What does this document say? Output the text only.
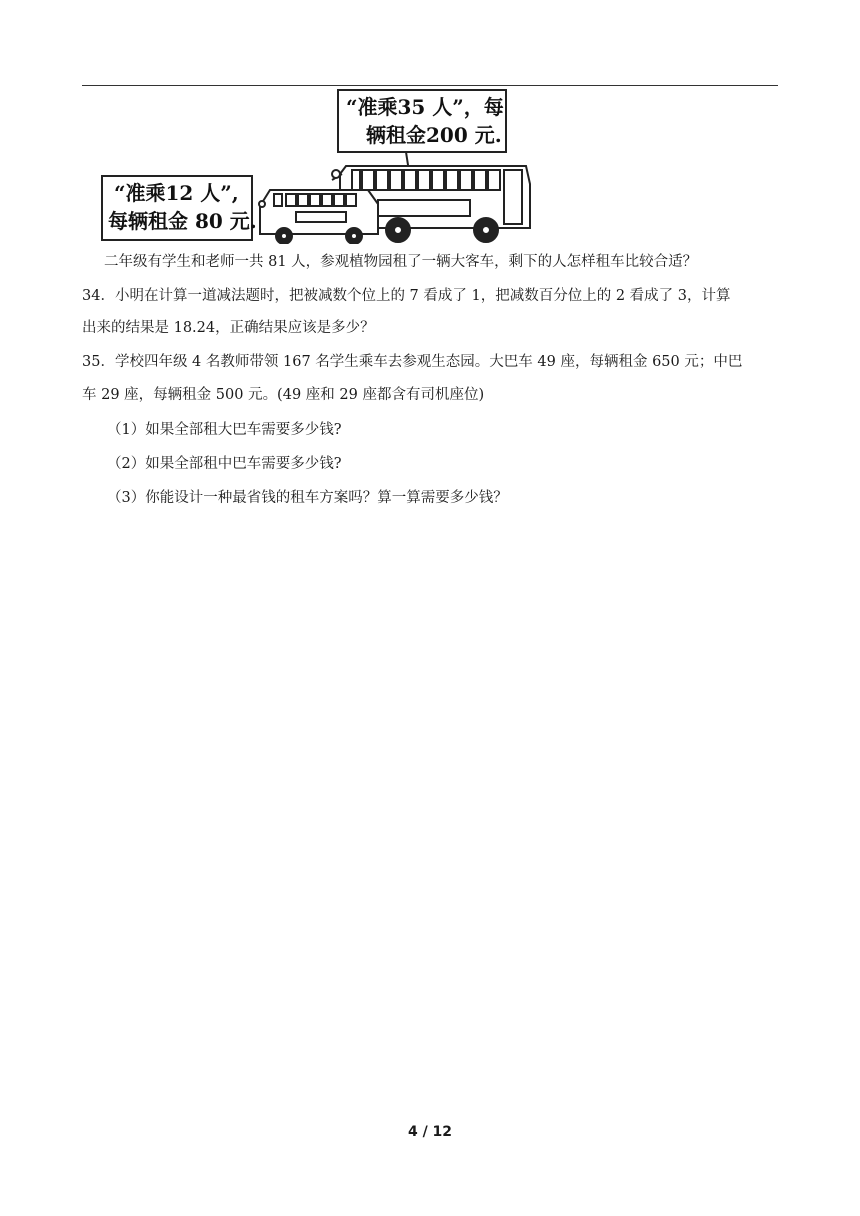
“准乘35 人”，每
辆租金200 元.
“准乘12 人”,
每辆租金 80 元.
二年级有学生和老师一共 81 人，参观植物园租了一辆大客车，剩下的人怎样租车比较合适？
34．小明在计算一道减法题时，把被减数个位上的 7 看成了 1，把减数百分位上的 2 看成了 3，计算
出来的结果是 18.24，正确结果应该是多少？
35．学校四年级 4 名教师带领 167 名学生乘车去参观生态园。大巴车 49 座，每辆租金 650 元；中巴
车 29 座，每辆租金 500 元。(49 座和 29 座都含有司机座位)
（1）如果全部租大巴车需要多少钱?
（2）如果全部租中巴车需要多少钱?
（3）你能设计一种最省钱的租车方案吗？算一算需要多少钱？
4 / 12
